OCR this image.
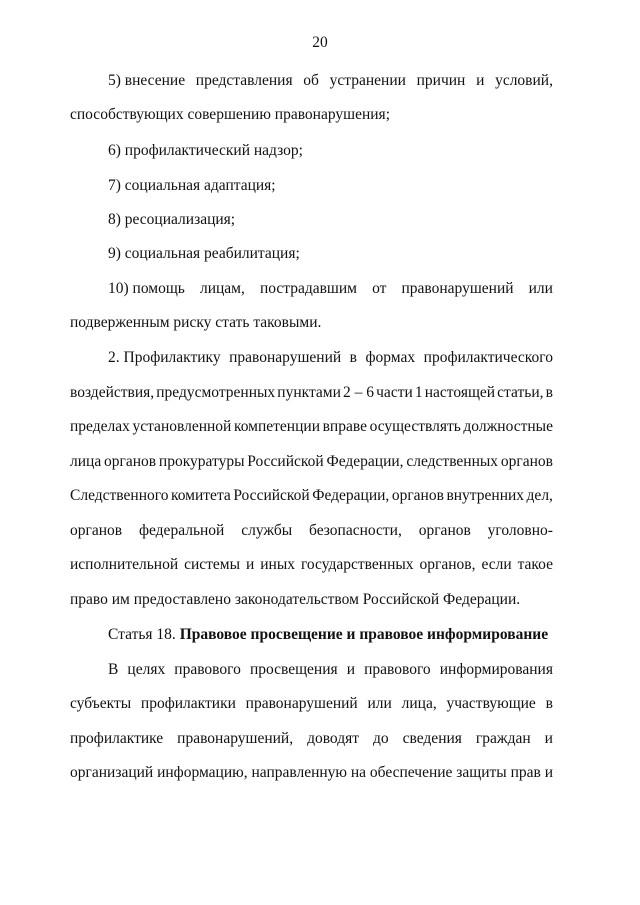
20
5) внесение представления об устранении причин и условий,
способствующих совершению правонарушения;
6) профилактический надзор;
7) социальная адаптация;
8) ресоциализация;
9) социальная реабилитация;
10) помощь лицам, пострадавшим от правонарушений или
подверженным риску стать таковыми.
2. Профилактику правонарушений в формах профилактического
воздействия, предусмотренных пунктами 2 – 6 части 1 настоящей статьи, в
пределах установленной компетенции вправе осуществлять должностные
лица органов прокуратуры Российской Федерации, следственных органов
Следственного комитета Российской Федерации, органов внутренних дел,
органов федеральной службы безопасности, органов уголовно-
исполнительной системы и иных государственных органов, если такое
право им предоставлено законодательством Российской Федерации.
Статья 18. Правовое просвещение и правовое информирование
В целях правового просвещения и правового информирования
субъекты профилактики правонарушений или лица, участвующие в
профилактике правонарушений, доводят до сведения граждан и
организаций информацию, направленную на обеспечение защиты прав и
